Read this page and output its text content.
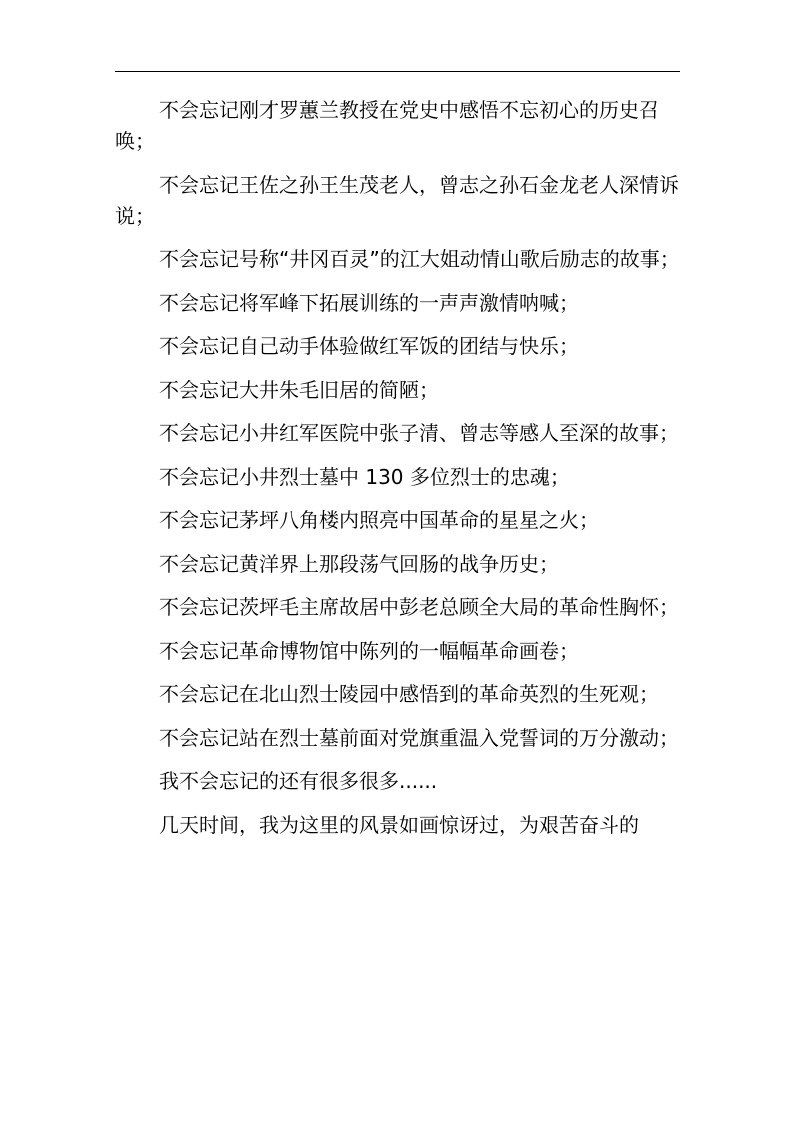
不会忘记刚才罗蕙兰教授在党史中感悟不忘初心的历史召唤；

不会忘记王佐之孙王生茂老人，曾志之孙石金龙老人深情诉说；

不会忘记号称“井冈百灵”的江大姐动情山歌后励志的故事；

不会忘记将军峰下拓展训练的一声声激情呐喊；

不会忘记自己动手体验做红军饭的团结与快乐；

不会忘记大井朱毛旧居的简陋；

不会忘记小井红军医院中张子清、曾志等感人至深的故事；

不会忘记小井烈士墓中 130 多位烈士的忠魂；

不会忘记茅坪八角楼内照亮中国革命的星星之火；

不会忘记黄洋界上那段荡气回肠的战争历史；

不会忘记茨坪毛主席故居中彭老总顾全大局的革命性胸怀；

不会忘记革命博物馆中陈列的一幅幅革命画卷；

不会忘记在北山烈士陵园中感悟到的革命英烈的生死观；

不会忘记站在烈士墓前面对党旗重温入党誓词的万分激动；

我不会忘记的还有很多很多......

几天时间，我为这里的风景如画惊讶过，为艰苦奋斗的
